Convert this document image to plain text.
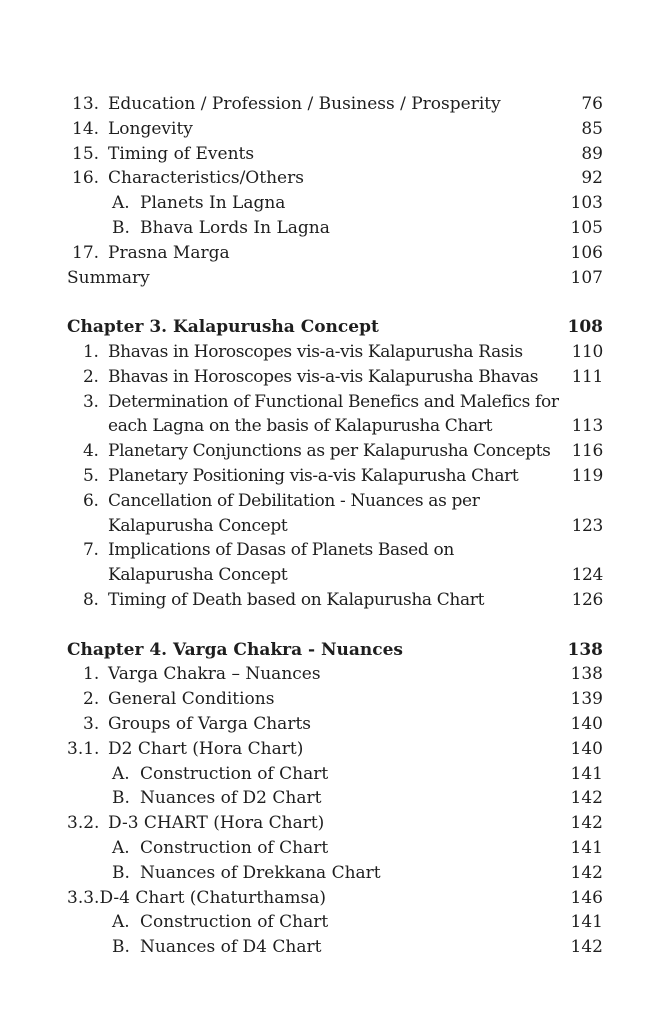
13. Education / Profession / Business / Prosperity	76
14. Longevity	85
15. Timing of Events	89
16. Characteristics/Others	92
A. Planets In Lagna	103
B. Bhava Lords In Lagna	105
17. Prasna Marga	106
Summary	107
Chapter 3. Kalapurusha Concept	108
1. Bhavas in Horoscopes vis-a-vis Kalapurusha Rasis	110
2. Bhavas in Horoscopes vis-a-vis Kalapurusha Bhavas 111
3. Determination of Functional Benefics and Malefics for
each Lagna on the basis of Kalapurusha Chart	113
4. Planetary Conjunctions as per Kalapurusha Concepts 116
5. Planetary Positioning vis-a-vis Kalapurusha Chart	119
6. Cancellation of Debilitation - Nuances as per
Kalapurusha Concept	123
7. Implications of Dasas of Planets Based on
Kalapurusha Concept	124
8. Timing of Death based on Kalapurusha Chart	126
Chapter 4. Varga Chakra - Nuances	138
1. Varga Chakra – Nuances	138
2. General Conditions	139
3. Groups of Varga Charts	140
3.1. D2 Chart (Hora Chart)	140
A. Construction of Chart	141
B. Nuances of D2 Chart	142
3.2. D-3 CHART (Hora Chart)	142
A. Construction of Chart	141
B. Nuances of Drekkana Chart	142
3.3.D-4 Chart (Chaturthamsa)	146
A. Construction of Chart	141
B. Nuances of D4 Chart	142
